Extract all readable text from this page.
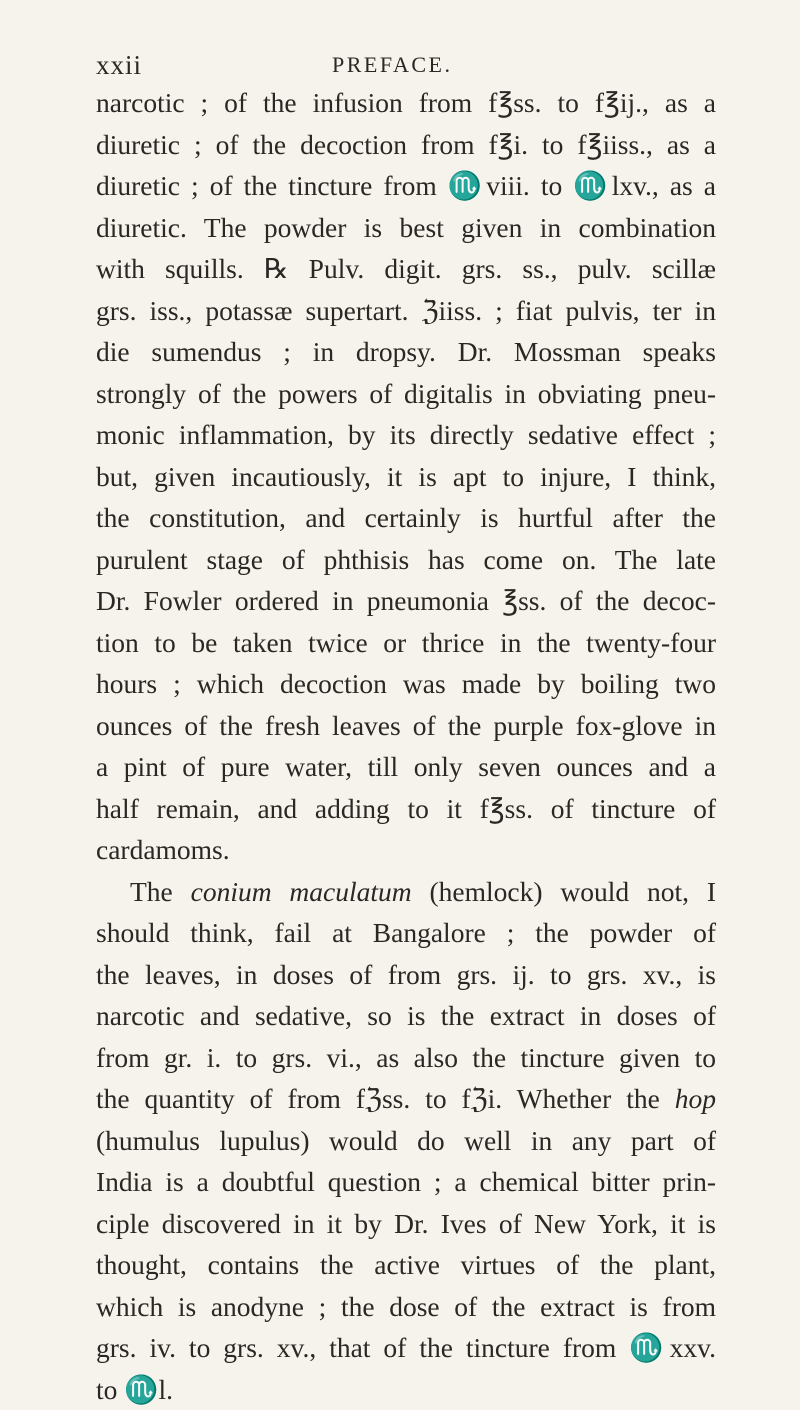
xxii	PREFACE.
narcotic ; of the infusion from f℥ss. to f℥ij., as a
diuretic ; of the decoction from f℥i. to f℥iiss., as a
diuretic ; of the tincture from ♏viii. to ♏lxv., as a
diuretic. The powder is best given in combination
with squills. ℞ Pulv. digit. grs. ss., pulv. scillæ
grs. iss., potassæ supertart. ℨiiss. ; fiat pulvis, ter in
die sumendus ; in dropsy. Dr. Mossman speaks
strongly of the powers of digitalis in obviating pneu-
monic inflammation, by its directly sedative effect ;
but, given incautiously, it is apt to injure, I think,
the constitution, and certainly is hurtful after the
purulent stage of phthisis has come on. The late
Dr. Fowler ordered in pneumonia ℥ss. of the decoc-
tion to be taken twice or thrice in the twenty-four
hours ; which decoction was made by boiling two
ounces of the fresh leaves of the purple fox-glove in
a pint of pure water, till only seven ounces and a
half remain, and adding to it f℥ss. of tincture of
cardamoms.
The conium maculatum (hemlock) would not, I
should think, fail at Bangalore ; the powder of
the leaves, in doses of from grs. ij. to grs. xv., is
narcotic and sedative, so is the extract in doses of
from gr. i. to grs. vi., as also the tincture given to
the quantity of from fℨss. to fℨi. Whether the hop
(humulus lupulus) would do well in any part of
India is a doubtful question ; a chemical bitter prin-
ciple discovered in it by Dr. Ives of New York, it is
thought, contains the active virtues of the plant,
which is anodyne ; the dose of the extract is from
grs. iv. to grs. xv., that of the tincture from ♏xxv.
to ♏l.
